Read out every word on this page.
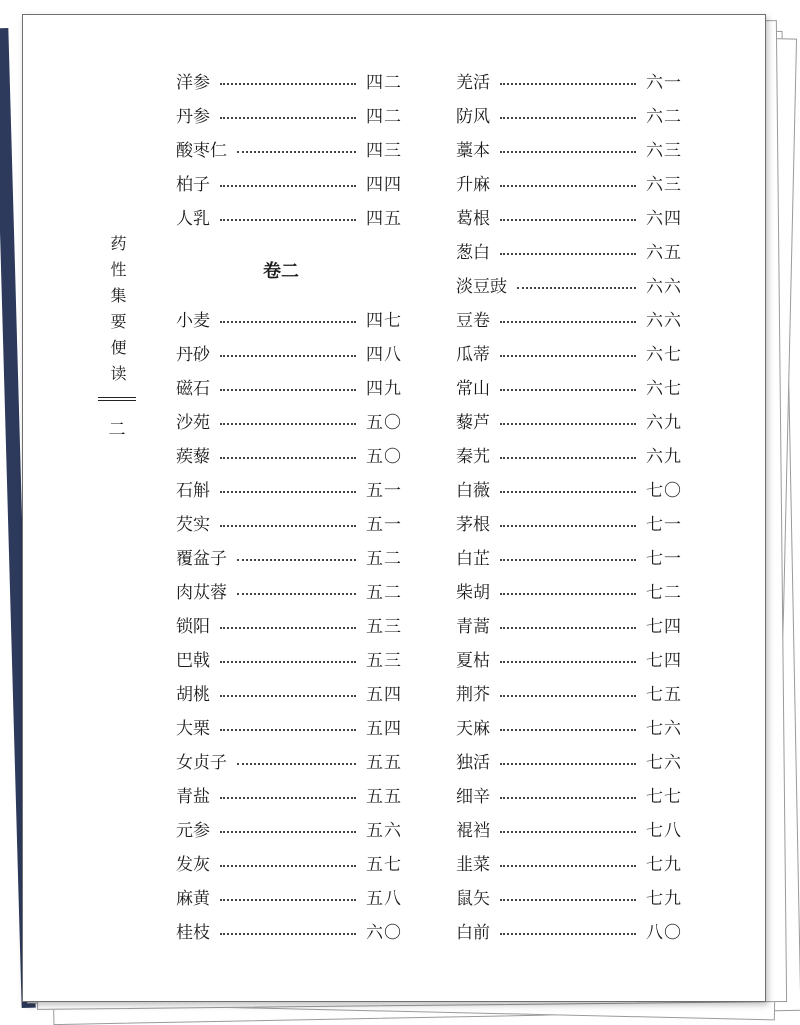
药性集要便读
二
洋参	四二
丹参	四二
酸枣仁	四三
柏子	四四
人乳	四五
卷二
小麦	四七
丹砂	四八
磁石	四九
沙苑	五〇
蒺藜	五〇
石斛	五一
芡实	五一
覆盆子	五二
肉苁蓉	五二
锁阳	五三
巴戟	五三
胡桃	五四
大栗	五四
女贞子	五五
青盐	五五
元参	五六
发灰	五七
麻黄	五八
桂枝	六〇
羌活	六一
防风	六二
藁本	六三
升麻	六三
葛根	六四
葱白	六五
淡豆豉	六六
豆卷	六六
瓜蒂	六七
常山	六七
藜芦	六九
秦艽	六九
白薇	七〇
茅根	七一
白芷	七一
柴胡	七二
青蒿	七四
夏枯	七四
荆芥	七五
天麻	七六
独活	七六
细辛	七七
裩裆	七八
韭菜	七九
鼠矢	七九
白前	八〇
